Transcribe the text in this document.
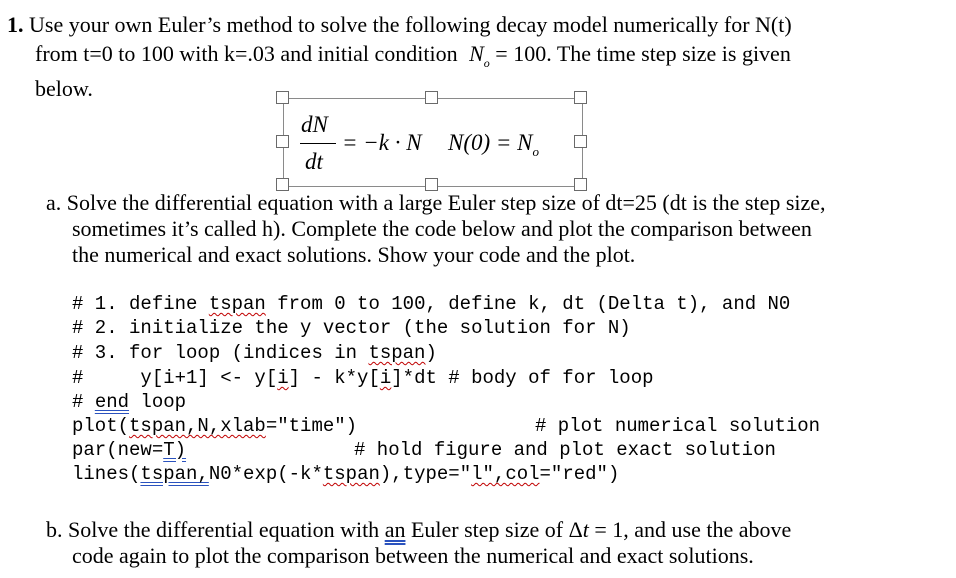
1. Use your own Euler’s method to solve the following decay model numerically for N(t)
from t=0 to 100 with k=.03 and initial condition $N_o = 100$. The time step size is given
below.
dN
dt
= −k · N $N(0) = N_o$
a. Solve the differential equation with a large Euler step size of dt=25 (dt is the step size,
sometimes it’s called h). Complete the code below and plot the comparison between
the numerical and exact solutions. Show your code and the plot.
# 1. define tspan from 0 to 100, define k, dt (Delta t), and N0
# 2. initialize the y vector (the solution for N)
# 3. for loop (indices in tspan)
#     y[i+1] <- y[i] - k*y[i]*dt # body of for loop
# end loop
plot(tspan,N,xlab="time")	# plot numerical solution
par(new=T)	# hold figure and plot exact solution
lines(tspan,N0*exp(-k*tspan),type="l",col="red")
b. Solve the differential equation with an Euler step size of Δt = 1, and use the above
code again to plot the comparison between the numerical and exact solutions.
